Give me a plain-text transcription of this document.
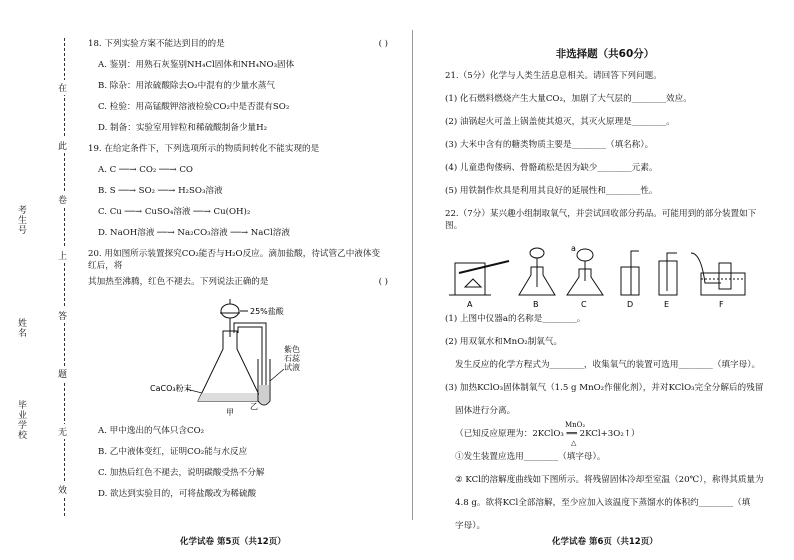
考生号
姓名
毕业学校
在
此
卷
上
答
题
无
效
18. 下列实验方案不能达到目的的是	( )
A. 鉴别：用熟石灰鉴别NH₄Cl固体和NH₄NO₃固体
B. 除杂：用浓硫酸除去O₂中混有的少量水蒸气
C. 检验：用高锰酸钾溶液检验CO₂中是否混有SO₂
D. 制备：实验室用锌粒和稀硫酸制备少量H₂
19. 在给定条件下，下列选项所示的物质间转化不能实现的是
A. C ──→ CO₂ ──→ CO
B. S ──→ SO₂ ──→ H₂SO₃溶液
C. Cu ──→ CuSO₄溶液 ──→ Cu(OH)₂
D. NaOH溶液 ──→ Na₂CO₃溶液 ──→ NaCl溶液
20. 用如图所示装置探究CO₂能否与H₂O反应。滴加盐酸，待试管乙中液体变红后，将
其加热至沸腾，红色不褪去。下列说法正确的是	( )
25%盐酸
CaCO₃粉末
甲
乙
紫色石蕊试液
A. 甲中逸出的气体只含CO₂
B. 乙中液体变红，证明CO₂能与水反应
C. 加热后红色不褪去，说明碳酸受热不分解
D. 欲达到实验目的，可将盐酸改为稀硫酸
化学试卷 第5页（共12页）
非选择题（共60分）
21.（5分）化学与人类生活息息相关。请回答下列问题。
(1) 化石燃料燃烧产生大量CO₂，加剧了大气层的________效应。
(2) 油锅起火可盖上锅盖使其熄灭，其灭火原理是________。
(3) 大米中含有的糖类物质主要是________（填名称）。
(4) 儿童患佝偻病、骨骼疏松是因为缺少________元素。
(5) 用铁制作炊具是利用其良好的延展性和________性。
22.（7分）某兴趣小组制取氧气，并尝试回收部分药品。可能用到的部分装置如下图。
A	B
a
C	D	E	F
(1) 上图中仪器a的名称是________。
(2) 用双氧水和MnO₂制氧气。
发生反应的化学方程式为________，收集氧气的装置可选用________（填字母）。
(3) 加热KClO₃固体制氧气（1.5 g MnO₂作催化剂），并对KClO₃完全分解后的残留
固体进行分离。
（已知反应原理为：2KClO₃ ══ 2KCl+3O₂↑）
MnO₂
△
①发生装置应选用________（填字母）。
② KCl的溶解度曲线如下图所示。将残留固体冷却至室温（20℃），称得其质量为
4.8 g。欲将KCl全部溶解，至少应加入该温度下蒸馏水的体积约________（填
字母）。
化学试卷 第6页（共12页）
